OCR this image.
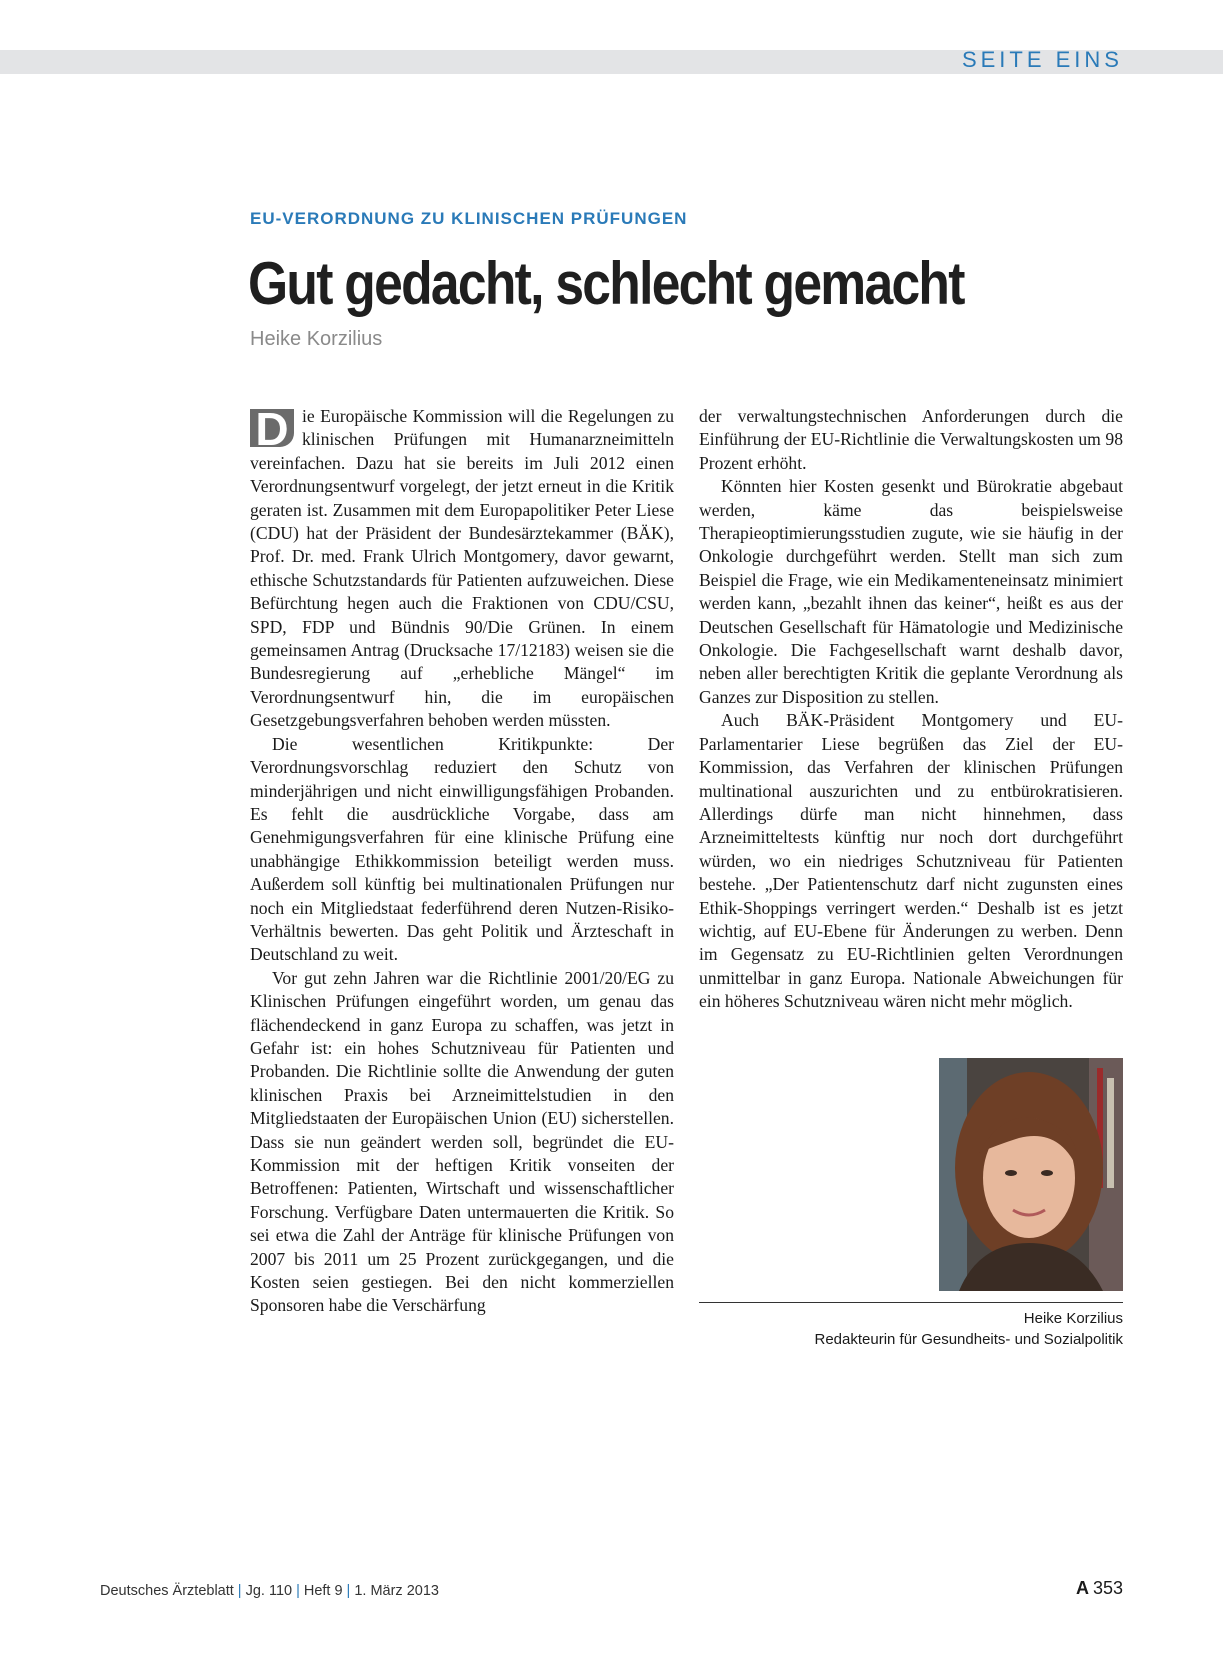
SEITE EINS
EU-VERORDNUNG ZU KLINISCHEN PRÜFUNGEN
Gut gedacht, schlecht gemacht
Heike Korzilius

D ie Europäische Kommission will die Regelungen zu klinischen Prüfungen mit Humanarzneimitteln vereinfachen. Dazu hat sie bereits im Juli 2012 einen Verordnungsentwurf vorgelegt, der jetzt erneut in die Kritik geraten ist. Zusammen mit dem Europapolitiker Peter Liese (CDU) hat der Präsident der Bundesärztekammer (BÄK), Prof. Dr. med. Frank Ulrich Montgomery, davor gewarnt, ethische Schutzstandards für Patienten aufzuweichen. Diese Befürchtung hegen auch die Fraktionen von CDU/CSU, SPD, FDP und Bündnis 90/Die Grünen. In einem gemeinsamen Antrag (Drucksache 17/12183) weisen sie die Bundesregierung auf „erhebliche Mängel“ im Verordnungsentwurf hin, die im europäischen Gesetzgebungsverfahren behoben werden müssten.

Die wesentlichen Kritikpunkte: Der Verordnungsvorschlag reduziert den Schutz von minderjährigen und nicht einwilligungsfähigen Probanden. Es fehlt die ausdrückliche Vorgabe, dass am Genehmigungsverfahren für eine klinische Prüfung eine unabhängige Ethikkommission beteiligt werden muss. Außerdem soll künftig bei multinationalen Prüfungen nur noch ein Mitgliedstaat federführend deren Nutzen-Risiko-Verhältnis bewerten. Das geht Politik und Ärzteschaft in Deutschland zu weit.

Vor gut zehn Jahren war die Richtlinie 2001/20/EG zu Klinischen Prüfungen eingeführt worden, um genau das flächendeckend in ganz Europa zu schaffen, was jetzt in Gefahr ist: ein hohes Schutzniveau für Patienten und Probanden. Die Richtlinie sollte die Anwendung der guten klinischen Praxis bei Arzneimittelstudien in den Mitgliedstaaten der Europäischen Union (EU) sicherstellen. Dass sie nun geändert werden soll, begründet die EU-Kommission mit der heftigen Kritik vonseiten der Betroffenen: Patienten, Wirtschaft und wissenschaftlicher Forschung. Verfügbare Daten untermauerten die Kritik. So sei etwa die Zahl der Anträge für klinische Prüfungen von 2007 bis 2011 um 25 Prozent zurückgegangen, und die Kosten seien gestiegen. Bei den nicht kommerziellen Sponsoren habe die Verschärfung

der verwaltungstechnischen Anforderungen durch die Einführung der EU-Richtlinie die Verwaltungskosten um 98 Prozent erhöht.

Könnten hier Kosten gesenkt und Bürokratie abgebaut werden, käme das beispielsweise Therapieoptimierungsstudien zugute, wie sie häufig in der Onkologie durchgeführt werden. Stellt man sich zum Beispiel die Frage, wie ein Medikamenteneinsatz minimiert werden kann, „bezahlt ihnen das keiner“, heißt es aus der Deutschen Gesellschaft für Hämatologie und Medizinische Onkologie. Die Fachgesellschaft warnt deshalb davor, neben aller berechtigten Kritik die geplante Verordnung als Ganzes zur Disposition zu stellen.

Auch BÄK-Präsident Montgomery und EU-Parlamentarier Liese begrüßen das Ziel der EU-Kommission, das Verfahren der klinischen Prüfungen multinational auszurichten und zu entbürokratisieren. Allerdings dürfe man nicht hinnehmen, dass Arzneimitteltests künftig nur noch dort durchgeführt würden, wo ein niedriges Schutzniveau für Patienten bestehe. „Der Patientenschutz darf nicht zugunsten eines Ethik-Shoppings verringert werden.“ Deshalb ist es jetzt wichtig, auf EU-Ebene für Änderungen zu werben. Denn im Gegensatz zu EU-Richtlinien gelten Verordnungen unmittelbar in ganz Europa. Nationale Abweichungen für ein höheres Schutzniveau wären nicht mehr möglich.

Heike Korzilius
Redakteurin für Gesundheits- und Sozialpolitik
Deutsches Ärzteblatt | Jg. 110 | Heft 9 | 1. März 2013	A 353
